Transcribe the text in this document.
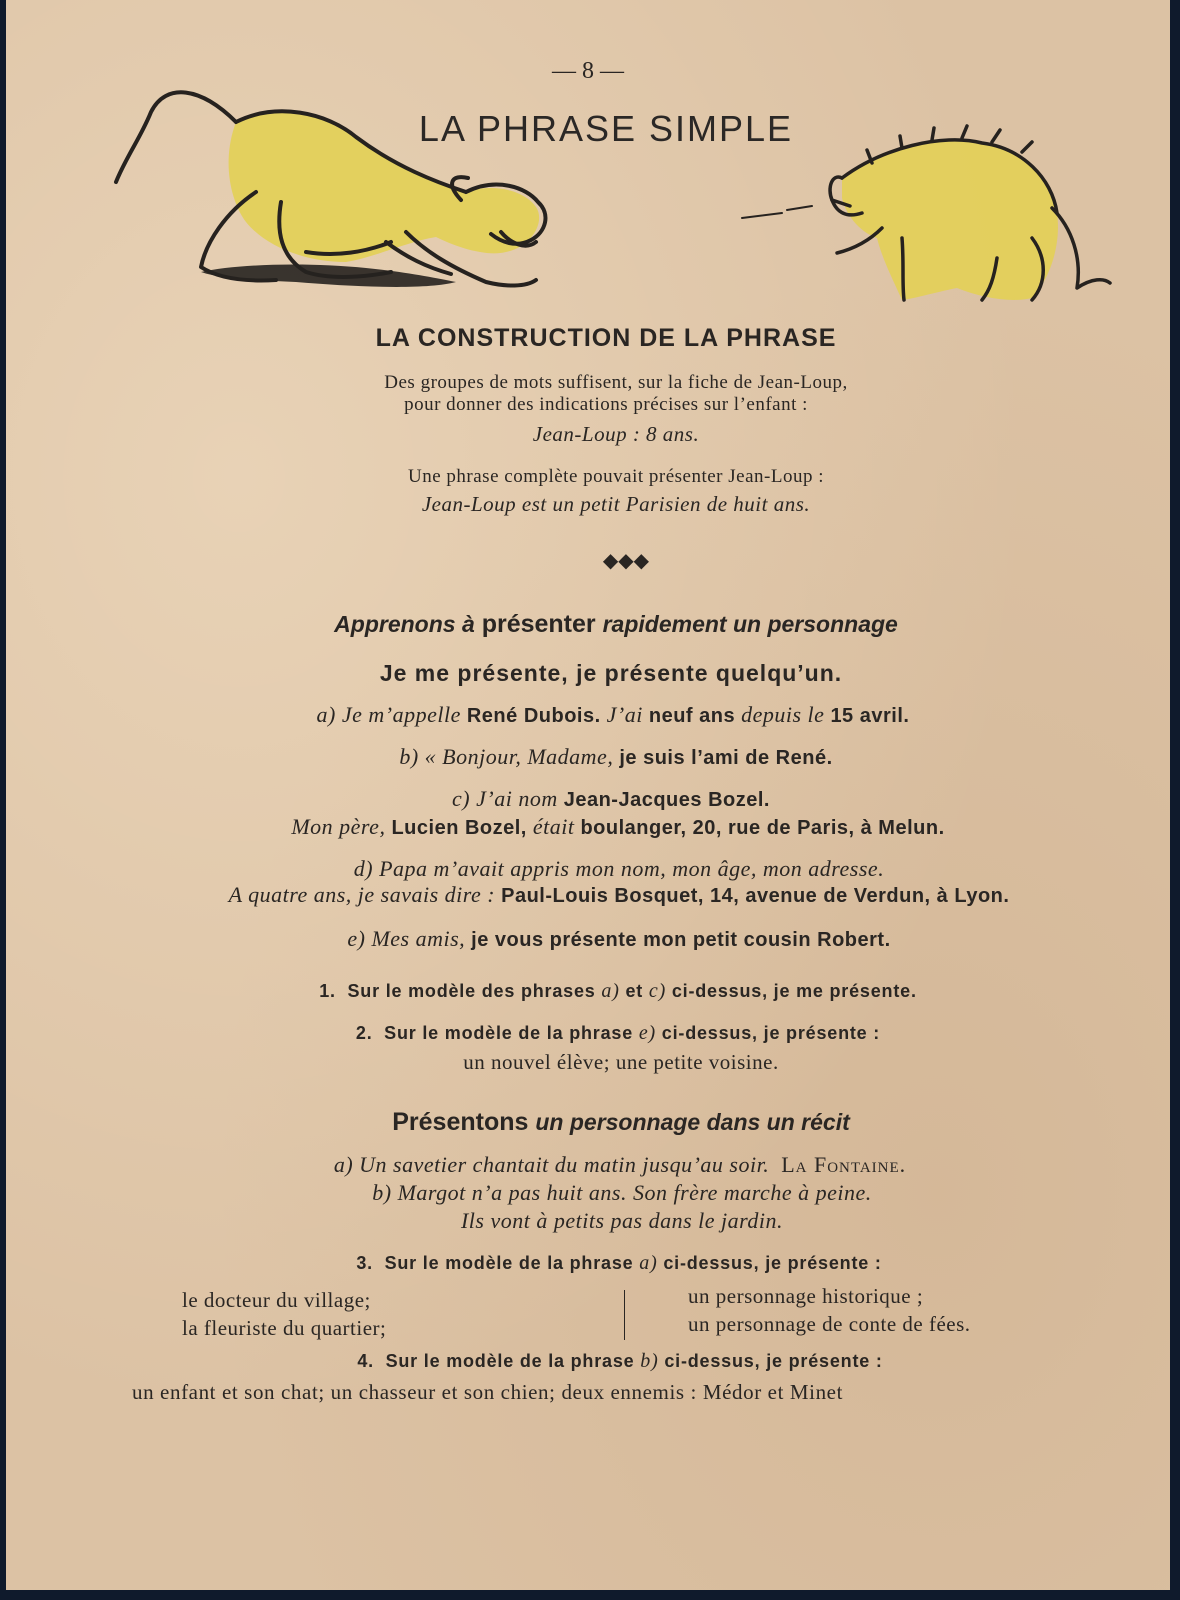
— 8 —
LA PHRASE SIMPLE
LA CONSTRUCTION DE LA PHRASE
Des groupes de mots suffisent, sur la fiche de Jean-Loup,
pour donner des indications précises sur l’enfant :
Jean-Loup : 8 ans.
Une phrase complète pouvait présenter Jean-Loup :
Jean-Loup est un petit Parisien de huit ans.
◆◆◆
Apprenons à présenter rapidement un personnage
Je me présente, je présente quelqu’un.
a) Je m’appelle René Dubois. J’ai neuf ans depuis le 15 avril.
b) « Bonjour, Madame, je suis l’ami de René.
c) J’ai nom Jean-Jacques Bozel.
Mon père, Lucien Bozel, était boulanger, 20, rue de Paris, à Melun.
d) Papa m’avait appris mon nom, mon âge, mon adresse.
A quatre ans, je savais dire : Paul-Louis Bosquet, 14, avenue de Verdun, à Lyon.
e) Mes amis, je vous présente mon petit cousin Robert.
1. Sur le modèle des phrases a) et c) ci-dessus, je me présente.
2. Sur le modèle de la phrase e) ci-dessus, je présente :
un nouvel élève; une petite voisine.
Présentons un personnage dans un récit
a) Un savetier chantait du matin jusqu’au soir. La Fontaine.
b) Margot n’a pas huit ans. Son frère marche à peine.
Ils vont à petits pas dans le jardin.
3. Sur le modèle de la phrase a) ci-dessus, je présente :
le docteur du village;
la fleuriste du quartier;
un personnage historique ;
un personnage de conte de fées.
4. Sur le modèle de la phrase b) ci-dessus, je présente :
un enfant et son chat; un chasseur et son chien; deux ennemis : Médor et Minet
